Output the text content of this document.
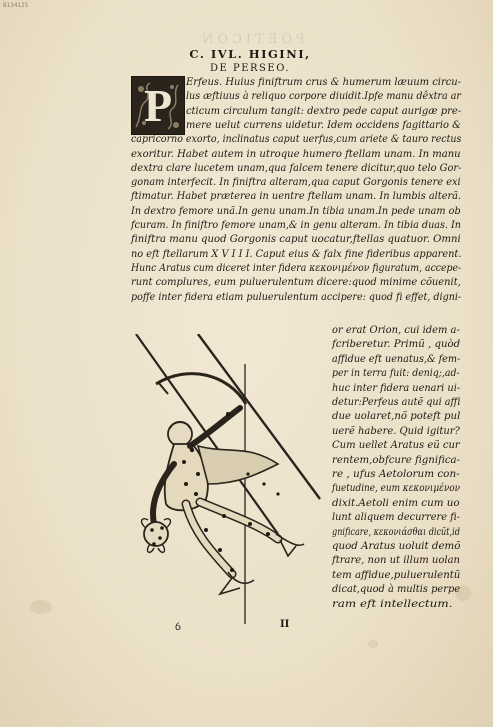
B134125
POETICON
C. IVL. HIGINI,
DE PERSEO.
P	Erfeus. Huius finiftrum crus & humerum læuum circu-
lus æftiuus à reliquo corpore diuidit.Ipfe manu dêxtra ar
cticum circulum tangit: dextro pede caput aurigæ pre-
mere uelut currens uidetur. Idem occidens fagittario &
capricorno exorto, inclinatus caput uerfus,cum ariete & tauro rectus
exoritur. Habet autem in utroque humero ftellam unam. In manu
dextra clare lucetem unam,qua falcem tenere dicitur,quo telo Gor-
gonam interfecit. In finiftra alteram,qua caput Gorgonis tenere exi
ftimatur. Habet præterea in uentre ftellam unam. In lumbis alterã.
In dextro femore unã.In genu unam.In tibia unam.In pede unam ob
fcuram. In finiftro femore unam,& in genu alteram. In tibia duas. In
finiftra manu quod Gorgonis caput uocatur,ftellas quatuor. Omni
no eft ftellarum X V I I I. Caput eius & falx fine fideribus apparent.
Hunc Aratus cum diceret inter fidera κεκονιμένον figuratum, accepe-
runt complures, eum puluerulentum dicere:quod minime cõuenit,
poffe inter fidera etiam puluerulentum accipere: quod fi effet, digni-
or erat Orion, cui idem a-
fcriberetur. Primũ , quòd
affidue eft uenatus,& fem-
per in terra fuit: deniq;,ad-
huc inter fidera uenari ui-
detur:Perfeus autẽ qui affi
due uolaret,nõ poteft pul
uerẽ habere. Quid igitur?
Cum uellet Aratus eũ cur
rentem,obfcure fignifica-
re , ufus Aetolorum con-
fuetudine, eum κεκονιμένον
dixit.Aetoli enim cum uo
lunt aliquem decurrere fi-
gnificare, κεκονιάσθαι dicũt,id
quod Aratus uoluit demõ
ftrare, non ut illum uolan
tem affidue,puluerulentũ
dicat,quod à multis perpe
ram eft intellectum.
ỽ	II
